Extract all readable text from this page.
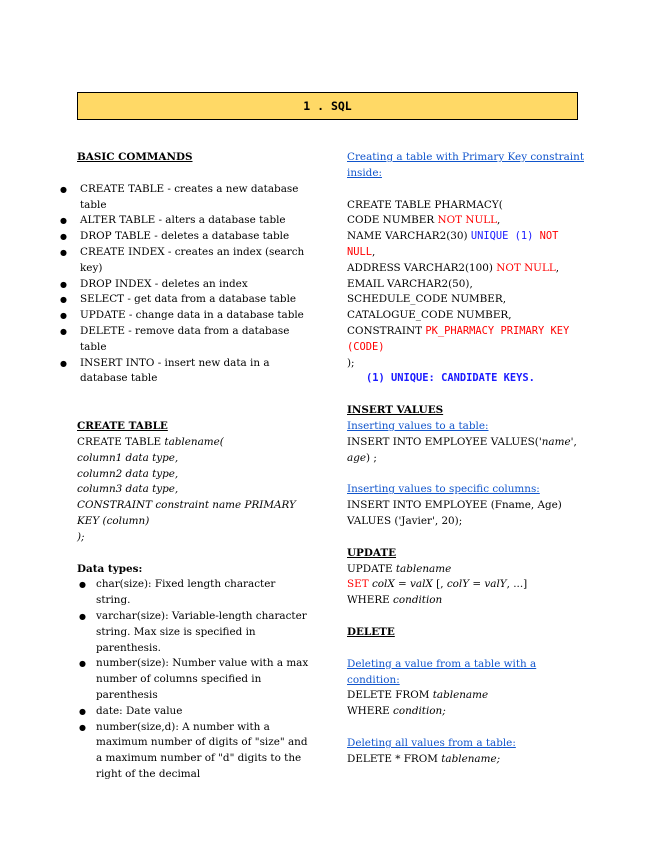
1 . SQL

BASIC COMMANDS

● CREATE TABLE - creates a new database table
● ALTER TABLE - alters a database table
● DROP TABLE - deletes a database table
● CREATE INDEX - creates an index (search key)
● DROP INDEX - deletes an index
● SELECT - get data from a database table
● UPDATE - change data in a database table
● DELETE - remove data from a database table
● INSERT INTO - insert new data in a database table

CREATE TABLE

CREATE TABLE tablename(

column1 data type,

column2 data type,

column3 data type,

CONSTRAINT constraint name PRIMARY KEY (column)

);

Data types:

● char(size): Fixed length character string.
● varchar(size): Variable-length character string. Max size is specified in parenthesis.
● number(size): Number value with a max number of columns specified in parenthesis
● date: Date value
● number(size,d): A number with a maximum number of digits of "size" and a maximum number of "d" digits to the right of the decimal

Creating a table with Primary Key constraint inside:

CREATE TABLE PHARMACY(

CODE NUMBER NOT NULL,

NAME VARCHAR2(30) UNIQUE (1) NOT NULL,

ADDRESS VARCHAR2(100) NOT NULL,

EMAIL VARCHAR2(50),

SCHEDULE_CODE NUMBER,

CATALOGUE_CODE NUMBER,

CONSTRAINT PK_PHARMACY PRIMARY KEY (CODE)

);

(1) UNIQUE: CANDIDATE KEYS.

INSERT VALUES

Inserting values to a table:

INSERT INTO EMPLOYEE VALUES('name', age) ;

Inserting values to specific columns:

INSERT INTO EMPLOYEE (Fname, Age)

VALUES ('Javier', 20);

UPDATE

UPDATE tablename

SET colX = valX [, colY = valY, ...]

WHERE condition

DELETE

Deleting a value from a table with a condition:

DELETE FROM tablename

WHERE condition;

Deleting all values from a table:

DELETE * FROM tablename;
